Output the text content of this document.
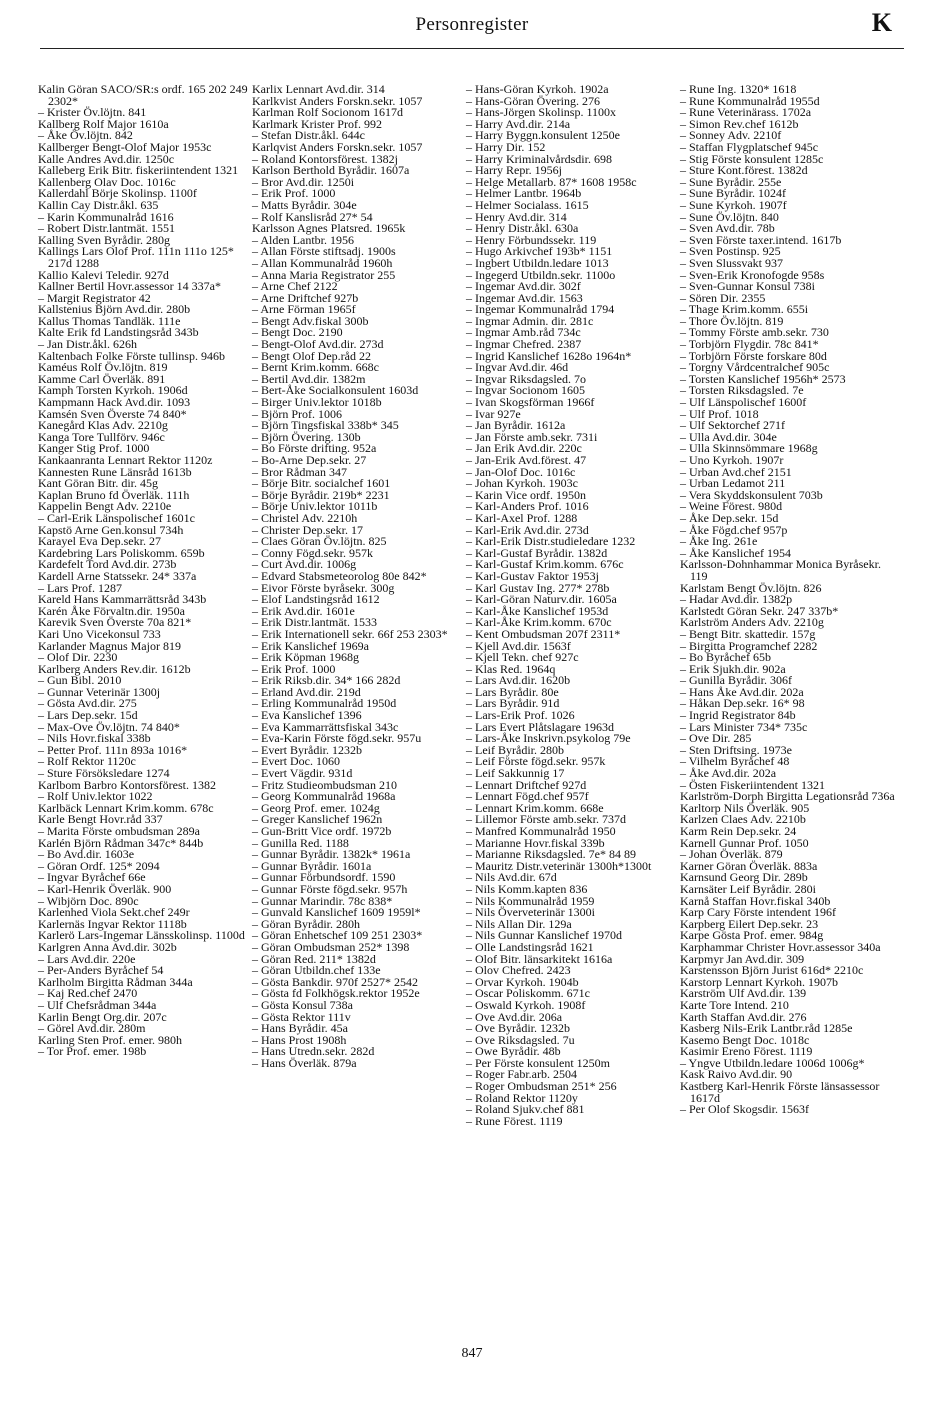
Personregister	K
Kalin Göran SACO/SR:s ordf. 165 202 249 2302*
– Krister Öv.löjtn. 841
Kallberg Rolf Major 1610a
– Åke Öv.löjtn. 842
Kallberger Bengt-Olof Major 1953c
Kalle Andres Avd.dir. 1250c
Kalleberg Erik Bitr. fiskeriintendent 1321
Kallenberg Olav Doc. 1016c
Kallerdahl Börje Skolinsp. 1100f
Kallin Cay Distr.åkl. 635
– Karin Kommunalråd 1616
– Robert Distr.lantmät. 1551
Kalling Sven Byrådir. 280g
Kallings Lars Olof Prof. 111n 111o 125* 217d 1288
Kallio Kalevi Teledir. 927d
Kallner Bertil Hovr.assessor 14 337a*
– Margit Registrator 42
Kallstenius Björn Avd.dir. 280b
Kallus Thomas Tandläk. 111e
Kalte Erik fd Landstingsråd 343b
– Jan Distr.åkl. 626h
Kaltenbach Folke Förste tullinsp. 946b
Kaméus Rolf Öv.löjtn. 819
Kamme Carl Överläk. 891
Kamph Torsten Kyrkoh. 1906d
Kampmann Hack Avd.dir. 1093
Kamsén Sven Överste 74 840*
Kanegård Klas Adv. 2210g
Kanga Tore Tullförv. 946c
Kanger Stig Prof. 1000
Kankaanranta Lennart Rektor 1120z
Kannesten Rune Länsråd 1613b
Kant Göran Bitr. dir. 45g
Kaplan Bruno fd Överläk. 111h
Kappelin Bengt Adv. 2210e
– Carl-Erik Länspolischef 1601c
Kapstö Arne Gen.konsul 734h
Karayel Eva Dep.sekr. 27
Kardebring Lars Poliskomm. 659b
Kardefelt Tord Avd.dir. 273b
Kardell Arne Statssekr. 24* 337a
– Lars Prof. 1287
Kareld Hans Kammarrättsråd 343b
Karén Åke Förvaltn.dir. 1950a
Karevik Sven Överste 70a 821*
Kari Uno Vicekonsul 733
Karlander Magnus Major 819
– Olof Dir. 2230
Karlberg Anders Rev.dir. 1612b
– Gun Bibl. 2010
– Gunnar Veterinär 1300j
– Gösta Avd.dir. 275
– Lars Dep.sekr. 15d
– Max-Ove Öv.löjtn. 74 840*
– Nils Hovr.fiskal 338b
– Petter Prof. 111n 893a 1016*
– Rolf Rektor 1120c
– Sture Försöksledare 1274
Karlbom Barbro Kontorsförest. 1382
– Rolf Univ.lektor 1022
Karlbäck Lennart Krim.komm. 678c
Karle Bengt Hovr.råd 337
– Marita Förste ombudsman 289a
Karlén Björn Rådman 347c* 844b
– Bo Avd.dir. 1603e
– Göran Ordf. 125* 2094
– Ingvar Byråchef 66e
– Karl-Henrik Överläk. 900
– Wibjörn Doc. 890c
Karlenhed Viola Sekt.chef 249r
Karlernäs Ingvar Rektor 1118b
Karlerö Lars-Ingemar Länsskolinsp. 1100d
Karlgren Anna Avd.dir. 302b
– Lars Avd.dir. 220e
– Per-Anders Byråchef 54
Karlholm Birgitta Rådman 344a
– Kaj Red.chef 2470
– Ulf Chefsrådman 344a
Karlin Bengt Org.dir. 207c
– Görel Avd.dir. 280m
Karling Sten Prof. emer. 980h
– Tor Prof. emer. 198b
Karlix Lennart Avd.dir. 314
Karlkvist Anders Forskn.sekr. 1057
Karlman Rolf Socionom 1617d
Karlmark Krister Prof. 992
– Stefan Distr.åkl. 644c
Karlqvist Anders Forskn.sekr. 1057
– Roland Kontorsförest. 1382j
Karlson Berthold Byrådir. 1607a
– Bror Avd.dir. 1250i
– Erik Prof. 1000
– Matts Byrådir. 304e
– Rolf Kanslisråd 27* 54
Karlsson Agnes Platsred. 1965k
– Alden Lantbr. 1956
– Allan Förste stiftsadj. 1900s
– Allan Kommunalråd 1960h
– Anna Maria Registrator 255
– Arne Chef 2122
– Arne Driftchef 927b
– Arne Förman 1965f
– Bengt Adv.fiskal 300b
– Bengt Doc. 2190
– Bengt-Olof Avd.dir. 273d
– Bengt Olof Dep.råd 22
– Bernt Krim.komm. 668c
– Bertil Avd.dir. 1382m
– Bert-Åke Socialkonsulent 1603d
– Birger Univ.lektor 1018b
– Björn Prof. 1006
– Björn Tingsfiskal 338b* 345
– Björn Övering. 130b
– Bo Förste drifting. 952a
– Bo-Arne Dep.sekr. 27
– Bror Rådman 347
– Börje Bitr. socialchef 1601
– Börje Byrådir. 219b* 2231
– Börje Univ.lektor 1011b
– Christel Adv. 2210h
– Christer Dep.sekr. 17
– Claes Göran Öv.löjtn. 825
– Conny Fögd.sekr. 957k
– Curt Avd.dir. 1006g
– Edvard Stabsmeteorolog 80e 842*
– Eivor Förste byråsekr. 300g
– Elof Landstingsråd 1612
– Erik Avd.dir. 1601e
– Erik Distr.lantmät. 1533
– Erik Internationell sekr. 66f 253 2303*
– Erik Kanslichef 1969a
– Erik Köpman 1968g
– Erik Prof. 1000
– Erik Riksb.dir. 34* 166 282d
– Erland Avd.dir. 219d
– Erling Kommunalråd 1950d
– Eva Kanslichef 1396
– Eva Kammarrättsfiskal 343c
– Eva-Karin Förste fögd.sekr. 957u
– Evert Byrådir. 1232b
– Evert Doc. 1060
– Evert Vägdir. 931d
– Fritz Studieombudsman 210
– Georg Kommunalråd 1968a
– Georg Prof. emer. 1024g
– Greger Kanslichef 1962n
– Gun-Britt Vice ordf. 1972b
– Gunilla Red. 1188
– Gunnar Byrådir. 1382k* 1961a
– Gunnar Byrådir. 1601a
– Gunnar Förbundsordf. 1590
– Gunnar Förste fögd.sekr. 957h
– Gunnar Marindir. 78c 838*
– Gunvald Kanslichef 1609 1959l*
– Göran Byrådir. 280h
– Göran Enhetschef 109 251 2303*
– Göran Ombudsman 252* 1398
– Göran Red. 211* 1382d
– Göran Utbildn.chef 133e
– Gösta Bankdir. 970f 2527* 2542
– Gösta fd Folkhögsk.rektor 1952e
– Gösta Konsul 738a
– Gösta Rektor 111v
– Hans Byrådir. 45a
– Hans Prost 1908h
– Hans Utredn.sekr. 282d
– Hans Överläk. 879a
– Hans-Göran Kyrkoh. 1902a
– Hans-Göran Övering. 276
– Hans-Jörgen Skolinsp. 1100x
– Harry Avd.dir. 214a
– Harry Byggn.konsulent 1250e
– Harry Dir. 152
– Harry Kriminalvårdsdir. 698
– Harry Repr. 1956j
– Helge Metallarb. 87* 1608 1958c
– Helmer Lantbr. 1964b
– Helmer Socialass. 1615
– Henry Avd.dir. 314
– Henry Distr.åkl. 630a
– Henry Förbundssekr. 119
– Hugo Arkivchef 193b* 1151
– Ingbert Utbildn.ledare 1013
– Ingegerd Utbildn.sekr. 1100o
– Ingemar Avd.dir. 302f
– Ingemar Avd.dir. 1563
– Ingemar Kommunalråd 1794
– Ingmar Admin. dir. 281c
– Ingmar Amb.råd 734c
– Ingmar Chefred. 2387
– Ingrid Kanslichef 1628o 1964n*
– Ingvar Avd.dir. 46d
– Ingvar Riksdagsled. 7o
– Ingvar Socionom 1605
– Ivan Skogsförman 1966f
– Ivar 927e
– Jan Byrådir. 1612a
– Jan Förste amb.sekr. 731i
– Jan Erik Avd.dir. 220c
– Jan-Erik Avd.förest. 47
– Jan-Olof Doc. 1016c
– Johan Kyrkoh. 1903c
– Karin Vice ordf. 1950n
– Karl-Anders Prof. 1016
– Karl-Axel Prof. 1288
– Karl-Erik Avd.dir. 273d
– Karl-Erik Distr.studieledare 1232
– Karl-Gustaf Byrådir. 1382d
– Karl-Gustaf Krim.komm. 676c
– Karl-Gustav Faktor 1953j
– Karl Gustav Ing. 277* 278b
– Karl-Göran Naturv.dir. 1605a
– Karl-Åke Kanslichef 1953d
– Karl-Åke Krim.komm. 670c
– Kent Ombudsman 207f 2311*
– Kjell Avd.dir. 1563f
– Kjell Tekn. chef 927c
– Klas Red. 1964q
– Lars Avd.dir. 1620b
– Lars Byrådir. 80e
– Lars Byrådir. 91d
– Lars-Erik Prof. 1026
– Lars Evert Plåtslagare 1963d
– Lars-Åke Inskrivn.psykolog 79e
– Leif Byrådir. 280b
– Leif Förste fögd.sekr. 957k
– Leif Sakkunnig 17
– Lennart Driftchef 927d
– Lennart Fögd.chef 957f
– Lennart Krim.komm. 668e
– Lillemor Förste amb.sekr. 737d
– Manfred Kommunalråd 1950
– Marianne Hovr.fiskal 339b
– Marianne Riksdagsled. 7e* 84 89
– Mauritz Distr.veterinär 1300h*1300t
– Nils Avd.dir. 67d
– Nils Komm.kapten 836
– Nils Kommunalråd 1959
– Nils Överveterinär 1300i
– Nils Allan Dir. 129a
– Nils Gunnar Kanslichef 1970d
– Olle Landstingsråd 1621
– Olof Bitr. länsarkitekt 1616a
– Olov Chefred. 2423
– Orvar Kyrkoh. 1904b
– Oscar Poliskomm. 671c
– Oswald Kyrkoh. 1908f
– Ove Avd.dir. 206a
– Ove Byrådir. 1232b
– Ove Riksdagsled. 7u
– Owe Byrådir. 48b
– Per Förste konsulent 1250m
– Roger Fabr.arb. 2504
– Roger Ombudsman 251* 256
– Roland Rektor 1120y
– Roland Sjukv.chef 881
– Rune Förest. 1119
– Rune Ing. 1320* 1618
– Rune Kommunalråd 1955d
– Rune Veterinärass. 1702a
– Simon Rev.chef 1612b
– Sonney Adv. 2210f
– Staffan Flygplatschef 945c
– Stig Förste konsulent 1285c
– Sture Kont.förest. 1382d
– Sune Byrådir. 255e
– Sune Byrådir. 1024f
– Sune Kyrkoh. 1907f
– Sune Öv.löjtn. 840
– Sven Avd.dir. 78b
– Sven Förste taxer.intend. 1617b
– Sven Postinsp. 925
– Sven Slussvakt 937
– Sven-Erik Kronofogde 958s
– Sven-Gunnar Konsul 738i
– Sören Dir. 2355
– Thage Krim.komm. 655i
– Thore Öv.löjtn. 819
– Tommy Förste amb.sekr. 730
– Torbjörn Flygdir. 78c 841*
– Torbjörn Förste forskare 80d
– Torgny Vårdcentralchef 905c
– Torsten Kanslichef 1956h* 2573
– Torsten Riksdagsled. 7e
– Ulf Länspolischef 1600f
– Ulf Prof. 1018
– Ulf Sektorchef 271f
– Ulla Avd.dir. 304e
– Ulla Skinnsömmare 1968g
– Uno Kyrkoh. 1907r
– Urban Avd.chef 2151
– Urban Ledamot 211
– Vera Skyddskonsulent 703b
– Weine Förest. 980d
– Åke Dep.sekr. 15d
– Åke Fögd.chef 957p
– Åke Ing. 261e
– Åke Kanslichef 1954
Karlsson-Dohnhammar Monica Byråsekr. 119
Karlstam Bengt Öv.löjtn. 826
– Hadar Avd.dir. 1382p
Karlstedt Göran Sekr. 247 337b*
Karlström Anders Adv. 2210g
– Bengt Bitr. skattedir. 157g
– Birgitta Programchef 2282
– Bo Byråchef 65b
– Erik Sjukh.dir. 902a
– Gunilla Byrådir. 306f
– Hans Åke Avd.dir. 202a
– Håkan Dep.sekr. 16* 98
– Ingrid Registrator 84b
– Lars Minister 734* 735c
– Ove Dir. 285
– Sten Driftsing. 1973e
– Vilhelm Byråchef 48
– Åke Avd.dir. 202a
– Östen Fiskeriintendent 1321
Karlström-Dorph Birgitta Legationsråd 736a
Karltorp Nils Överläk. 905
Karlzen Claes Adv. 2210b
Karm Rein Dep.sekr. 24
Karnell Gunnar Prof. 1050
– Johan Överläk. 879
Karner Göran Överläk. 883a
Karnsund Georg Dir. 289b
Karnsäter Leif Byrådir. 280i
Karnå Staffan Hovr.fiskal 340b
Karp Cary Förste intendent 196f
Karpberg Eilert Dep.sekr. 23
Karpe Gösta Prof. emer. 984g
Karphammar Christer Hovr.assessor 340a
Karpmyr Jan Avd.dir. 309
Karstensson Björn Jurist 616d* 2210c
Karstorp Lennart Kyrkoh. 1907b
Karström Ulf Avd.dir. 139
Karte Tore Intend. 210
Karth Staffan Avd.dir. 276
Kasberg Nils-Erik Lantbr.råd 1285e
Kasemo Bengt Doc. 1018c
Kasimir Ereno Förest. 1119
– Yngve Utbildn.ledare 1006d 1006g*
Kask Raivo Avd.dir. 90
Kastberg Karl-Henrik Förste länsassessor 1617d
– Per Olof Skogsdir. 1563f
847
